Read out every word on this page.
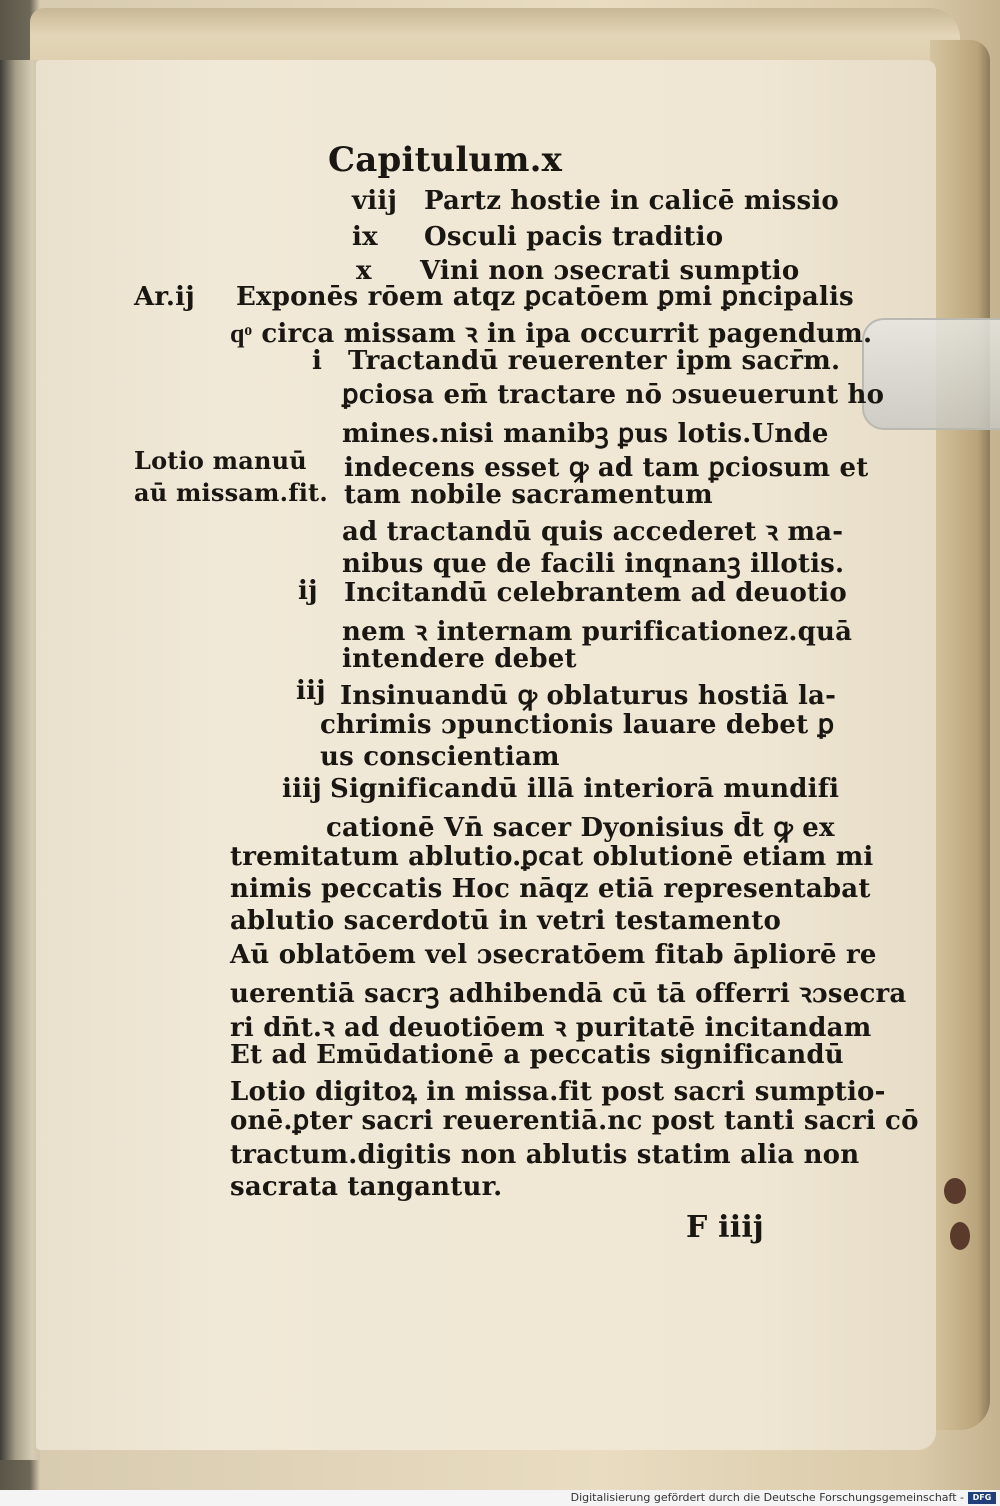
Capitulum.x
viij Partz hostie in calicē missio
ix Osculi pacis traditio
x Vini non ɔsecrati sumptio
Ar.ij Exponēs rōem atqz ꝑcatōem ꝑmi ꝑncipalis
qͦ circa missam ꝛ in ipa occurrit pagendum.
i Tractandū reuerenter ipm sacr̄m.
ꝑciosa em̄ tractare nō ɔsueuerunt ho
mines.nisi manibꝫ ꝑus lotis.Unde
Lotio manuū
aū missam.fit.
indecens esset ꝙ ad tam ꝑciosum et
tam nobile sacramentum
ad tractandū quis accederet ꝛ ma-
nibus que de facili inqnanꝫ illotis.
ij Incitandū celebrantem ad deuotio
nem ꝛ internam purificationez.quā
intendere debet
iij Insinuandū ꝙ oblaturus hostiā la-
chrimis ɔpunctionis lauare debet ꝑ
us conscientiam
iiij Significandū illā interiorā mundifi
cationē Vn̄ sacer Dyonisius d̄t ꝙ ex
tremitatum ablutio.ꝑcat oblutionē etiam mi
nimis peccatis Hoc nāqz etiā representabat
ablutio sacerdotū in vetri testamento
Aū oblatōem vel ɔsecratōem fitab āpliorē re
uerentiā sacrꝫ adhibendā cū tā offerri ꝛɔsecra
ri dn̄t.ꝛ ad deuotiōem ꝛ puritatē incitandam
Et ad Emūdationē a peccatis significandū
Lotio digitoꝝ in missa.fit post sacri sumptio-
onē.ꝑter sacri reuerentiā.nc post tanti sacri cō
tractum.digitis non ablutis statim alia non
sacrata tangantur.
F iiij
Digitalisierung gefördert durch die Deutsche Forschungsgemeinschaft -	DFG
